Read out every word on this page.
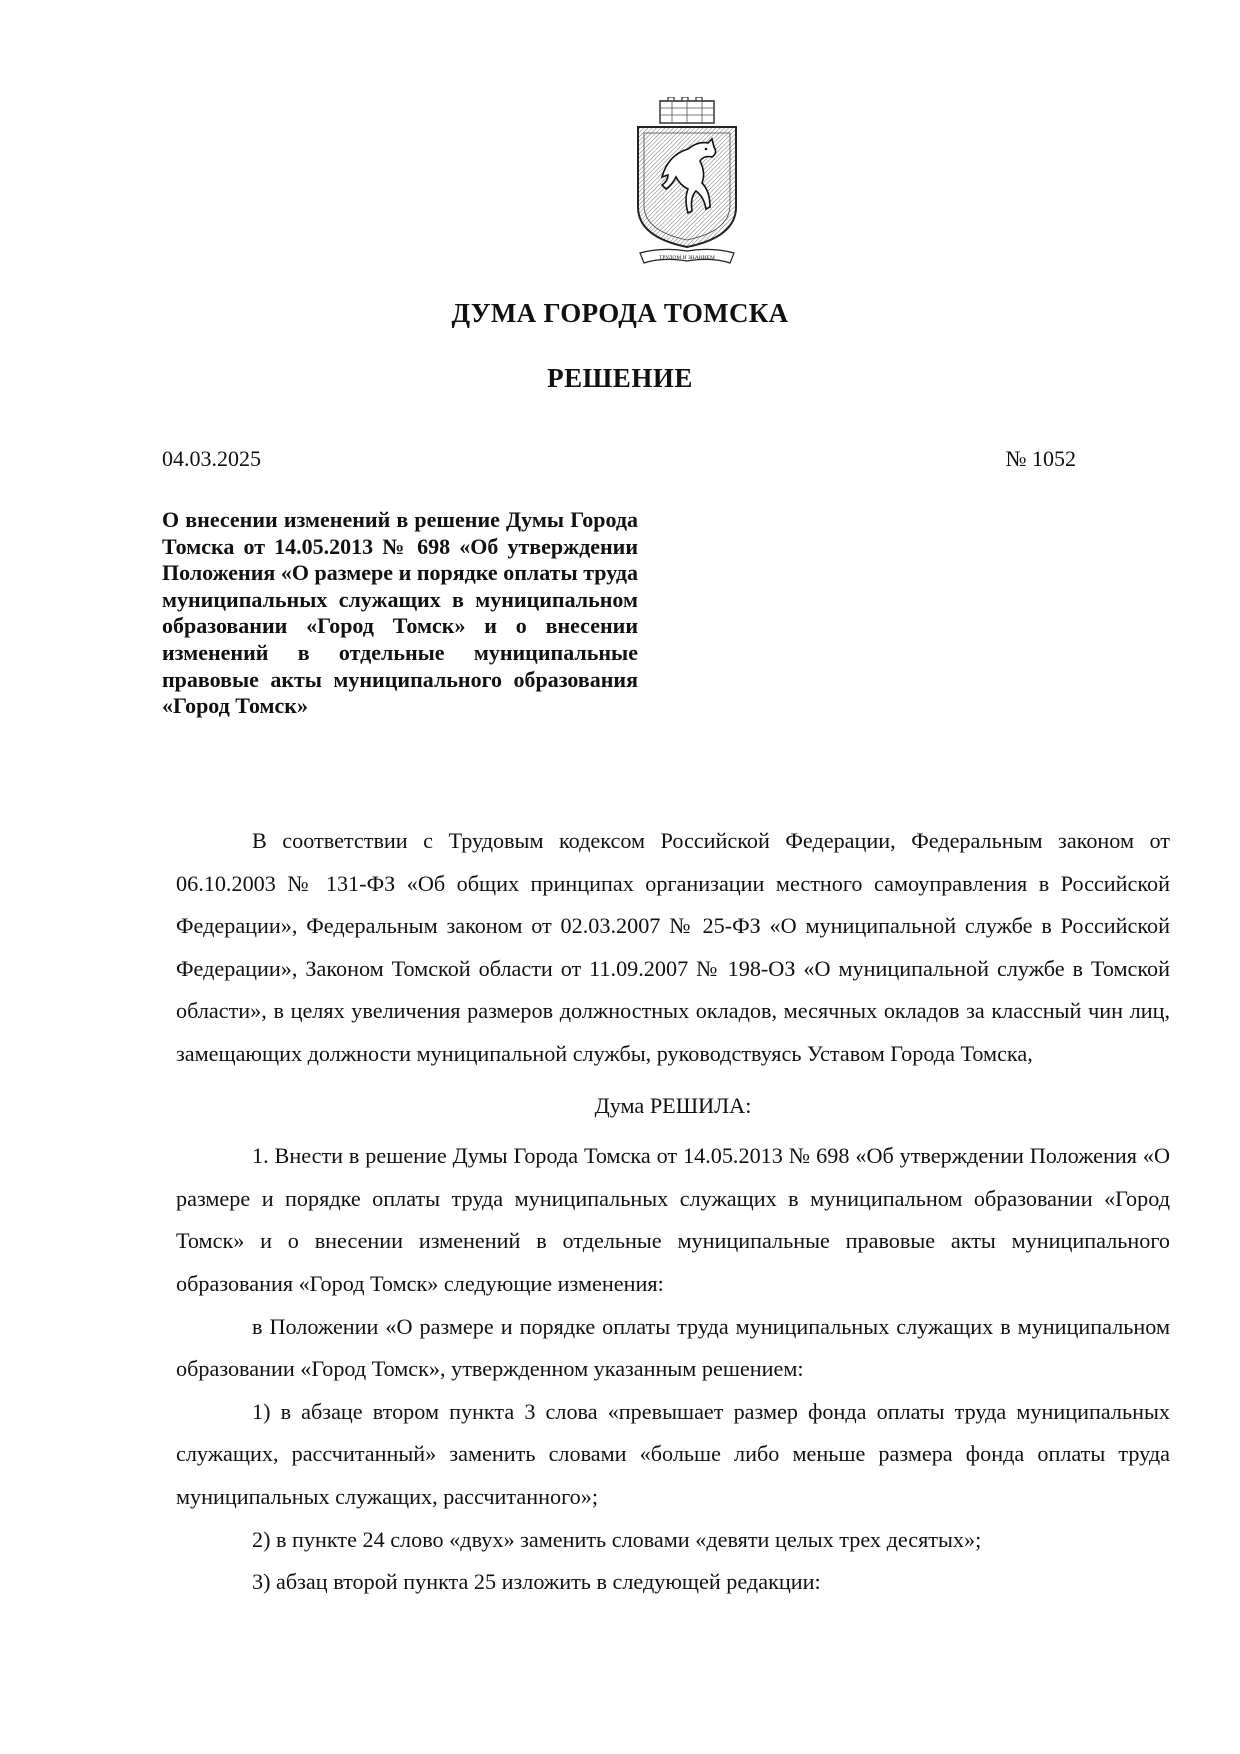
ТРУДОМ И ЗНАНИЕМ
ДУМА ГОРОДА ТОМСКА
РЕШЕНИЕ
04.03.2025	№ 1052
О внесении изменений в решение Думы Города Томска от 14.05.2013 № 698 «Об утверждении Положения «О размере и порядке оплаты труда муниципальных служащих в муниципальном образовании «Город Томск» и о внесении изменений в отдельные муниципальные правовые акты муниципального образования «Город Томск»

В соответствии с Трудовым кодексом Российской Федерации, Федеральным законом от 06.10.2003 № 131-ФЗ «Об общих принципах организации местного самоуправления в Российской Федерации», Федеральным законом от 02.03.2007 № 25-ФЗ «О муниципальной службе в Российской Федерации», Законом Томской области от 11.09.2007 № 198-ОЗ «О муниципальной службе в Томской области», в целях увеличения размеров должностных окладов, месячных окладов за классный чин лиц, замещающих должности муниципальной службы, руководствуясь Уставом Города Томска,

Дума РЕШИЛА:

1. Внести в решение Думы Города Томска от 14.05.2013 № 698 «Об утверждении Положения «О размере и порядке оплаты труда муниципальных служащих в муниципальном образовании «Город Томск» и о внесении изменений в отдельные муниципальные правовые акты муниципального образования «Город Томск» следующие изменения:

в Положении «О размере и порядке оплаты труда муниципальных служащих в муниципальном образовании «Город Томск», утвержденном указанным решением:

1) в абзаце втором пункта 3 слова «превышает размер фонда оплаты труда муниципальных служащих, рассчитанный» заменить словами «больше либо меньше размера фонда оплаты труда муниципальных служащих, рассчитанного»;

2) в пункте 24 слово «двух» заменить словами «девяти целых трех десятых»;

3) абзац второй пункта 25 изложить в следующей редакции:
